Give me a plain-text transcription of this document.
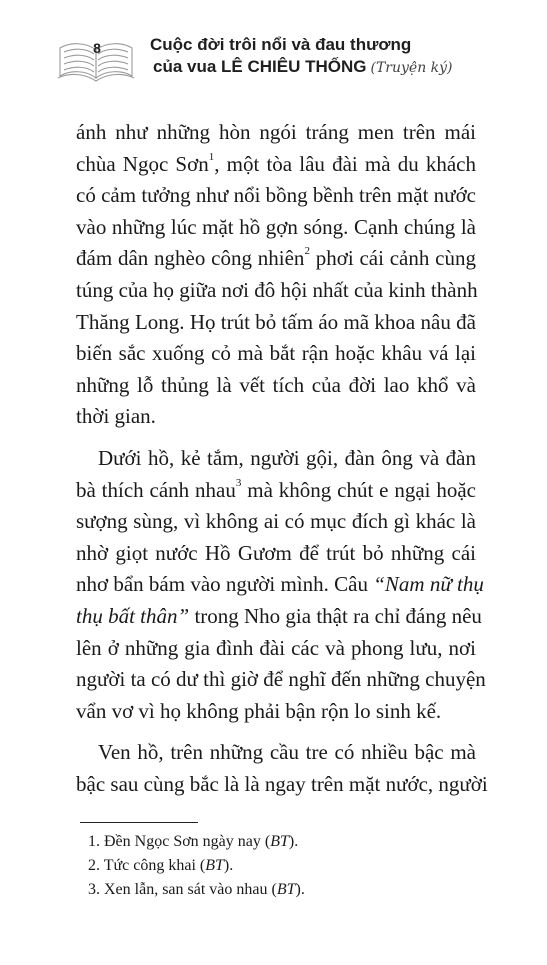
8	Cuộc đời trôi nổi và đau thương
của vua LÊ CHIÊU THỐNG (Truyện ký)

ánh như những hòn ngói tráng men trên mái
chùa Ngọc Sơn$^1$, một tòa lâu đài mà du khách
có cảm tưởng như nổi bồng bềnh trên mặt nước
vào những lúc mặt hồ gợn sóng. Cạnh chúng là
đám dân nghèo công nhiên$^2$ phơi cái cảnh cùng
túng của họ giữa nơi đô hội nhất của kinh thành
Thăng Long. Họ trút bỏ tấm áo mã khoa nâu đã
biến sắc xuống cỏ mà bắt rận hoặc khâu vá lại
những lỗ thủng là vết tích của đời lao khổ và
thời gian.

Dưới hồ, kẻ tắm, người gội, đàn ông và đàn
bà thích cánh nhau$^3$ mà không chút e ngại hoặc
sượng sùng, vì không ai có mục đích gì khác là
nhờ giọt nước Hồ Gươm để trút bỏ những cái
nhơ bẩn bám vào người mình. Câu “Nam nữ thụ
thụ bất thân” trong Nho gia thật ra chỉ đáng nêu
lên ở những gia đình đài các và phong lưu, nơi
người ta có dư thì giờ để nghĩ đến những chuyện
vẩn vơ vì họ không phải bận rộn lo sinh kế.

Ven hồ, trên những cầu tre có nhiều bậc mà
bậc sau cùng bắc là là ngay trên mặt nước, người

1. Đền Ngọc Sơn ngày nay (BT).
2. Tức công khai (BT).
3. Xen lẫn, san sát vào nhau (BT).
